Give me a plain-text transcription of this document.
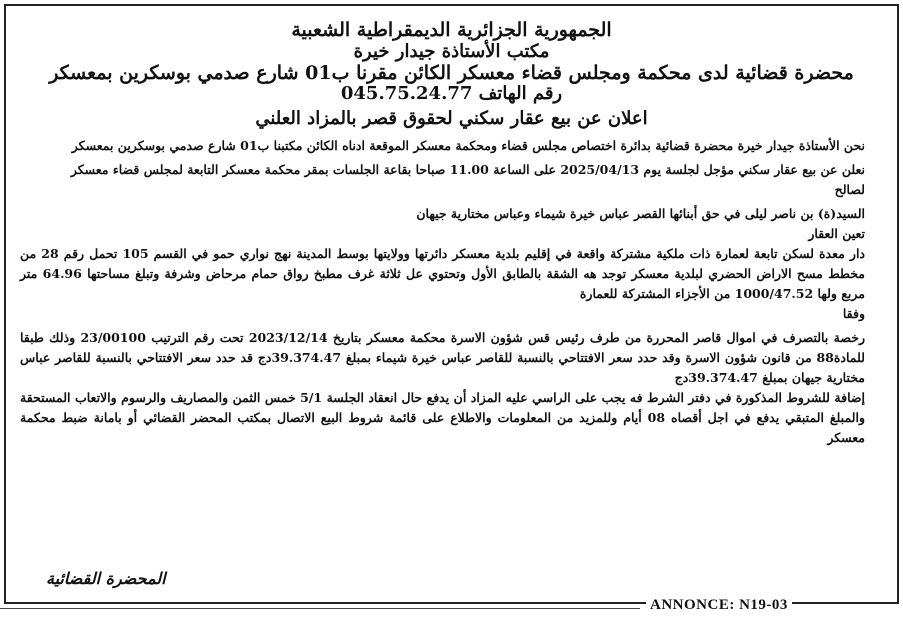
الجمهورية الجزائرية الديمقراطية الشعبية
مكتب الأستاذة جيدار خيرة
محضرة قضائية لدى محكمة ومجلس قضاء معسكر الكائن مقرنا ب01 شارع صدمي بوسكرين بمعسكر
رقم الهاتف 045.75.24.77
اعلان عن بيع عقار سكني لحقوق قصر بالمزاد العلني

نحن الأستاذة جيدار خيرة محضرة قضائية بدائرة اختصاص مجلس قضاء ومحكمة معسكر الموقعة ادناه الكائن مكتبنا ب01 شارع صدمي بوسكرين بمعسكر

نعلن عن بيع عقار سكني مؤجل لجلسة يوم 2025/04/13 على الساعة 11.00 صباحا بقاعة الجلسات بمقر محكمة معسكر التابعة لمجلس قضاء معسكر

لصالح

السيد(ة) بن ناصر ليلى في حق أبنائها القصر عباس خيرة شيماء وعباس مختارية جيهان

تعين العقار

دار معدة لسكن تابعة لعمارة ذات ملكية مشتركة واقعة في إقليم بلدية معسكر دائرتها وولايتها بوسط المدينة نهج نواري حمو في القسم 105 تحمل رقم 28 من مخطط مسح الاراض الحضري لبلدية معسكر توجد هه الشقة بالطابق الأول وتحتوي عل ثلاثة غرف مطبخ رواق حمام مرحاض وشرفة وتبلغ مساحتها 64.96 متر مربع ولها 1000/47.52 من الأجزاء المشتركة للعمارة

وفقا

رخصة بالتصرف في اموال قاصر المحررة من طرف رئيس قس شؤون الاسرة محكمة معسكر بتاريخ 2023/12/14 تحت رقم الترتيب 23/00100 وذلك طبقا للمادة88 من قانون شؤون الاسرة وقد حدد سعر الافتتاحي بالنسبة للقاصر عباس خيرة شيماء بمبلغ 39.374.47دج قد حدد سعر الافتتاحي بالنسبة للقاصر عباس مختارية جيهان بمبلغ 39.374.47دج

إضافة للشروط المذكورة في دفتر الشرط فه يجب على الراسي عليه المزاد أن يدفع حال انعقاد الجلسة 5/1 خمس الثمن والمصاريف والرسوم والاتعاب المستحقة والمبلغ المتبقي يدفع في اجل أقصاه 08 أيام وللمزيد من المعلومات والاطلاع على قائمة شروط البيع الاتصال بمكتب المحضر القضائي أو بامانة ضبط محكمة معسكر

المحضرة القضائية
ANNONCE: N19-03
